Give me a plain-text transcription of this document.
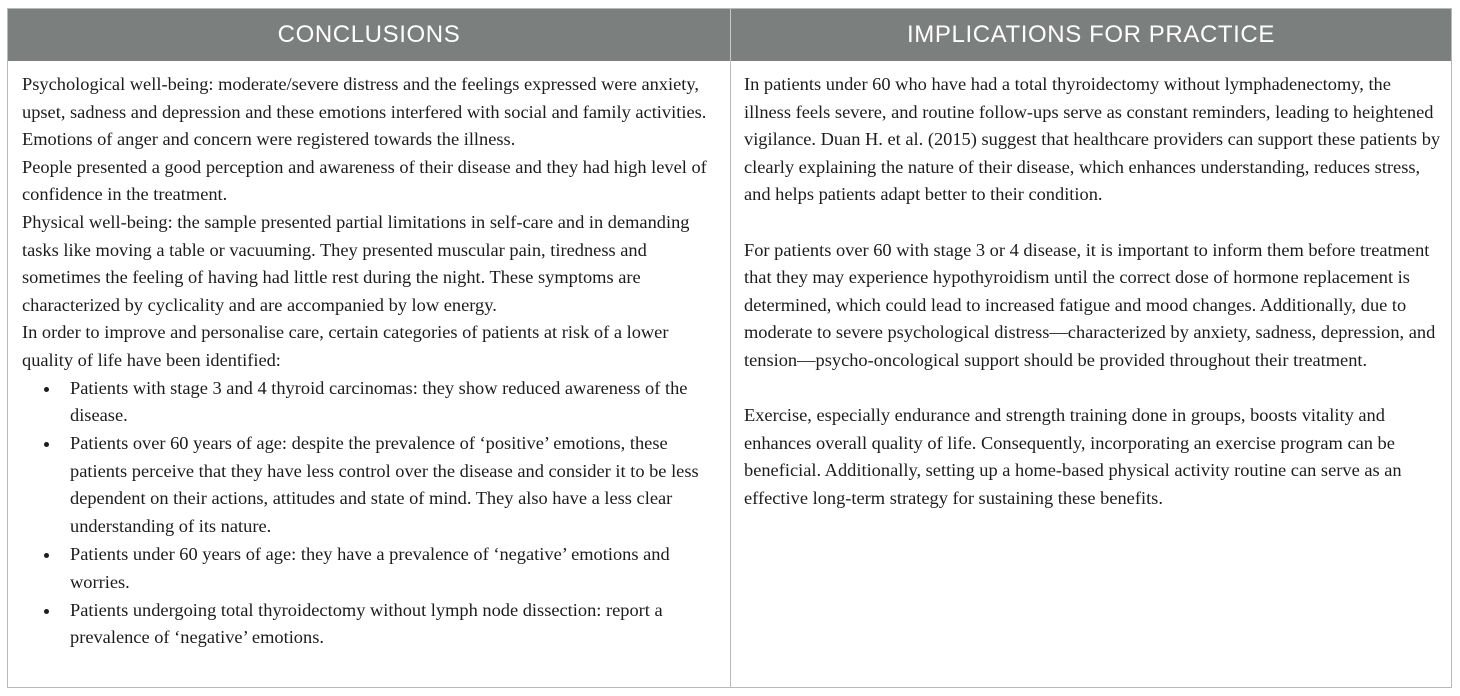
CONCLUSIONS	IMPLICATIONS FOR PRACTICE

Psychological well-being: moderate/severe distress and the feelings expressed were anxiety, upset, sadness and depression and these emotions interfered with social and family activities. Emotions of anger and concern were registered towards the illness.

People presented a good perception and awareness of their disease and they had high level of confidence in the treatment.

Physical well-being: the sample presented partial limitations in self-care and in demanding tasks like moving a table or vacuuming. They presented muscular pain, tiredness and sometimes the feeling of having had little rest during the night. These symptoms are characterized by cyclicality and are accompanied by low energy.

In order to improve and personalise care, certain categories of patients at risk of a lower quality of life have been identified:

Patients with stage 3 and 4 thyroid carcinomas: they show reduced awareness of the disease.
Patients over 60 years of age: despite the prevalence of ‘positive’ emotions, these patients perceive that they have less control over the disease and consider it to be less dependent on their actions, attitudes and state of mind. They also have a less clear understanding of its nature.
Patients under 60 years of age: they have a prevalence of ‘negative’ emotions and worries.
Patients undergoing total thyroidectomy without lymph node dissection: report a prevalence of ‘negative’ emotions.

In patients under 60 who have had a total thyroidectomy without lymphadenectomy, the illness feels severe, and routine follow-ups serve as constant reminders, leading to heightened vigilance. Duan H. et al. (2015) suggest that healthcare providers can support these patients by clearly explaining the nature of their disease, which enhances understanding, reduces stress, and helps patients adapt better to their condition.

For patients over 60 with stage 3 or 4 disease, it is important to inform them before treatment that they may experience hypothyroidism until the correct dose of hormone replacement is determined, which could lead to increased fatigue and mood changes. Additionally, due to moderate to severe psychological distress—characterized by anxiety, sadness, depression, and tension—psycho-oncological support should be provided throughout their treatment.

Exercise, especially endurance and strength training done in groups, boosts vitality and enhances overall quality of life. Consequently, incorporating an exercise program can be beneficial. Additionally, setting up a home-based physical activity routine can serve as an effective long-term strategy for sustaining these benefits.
